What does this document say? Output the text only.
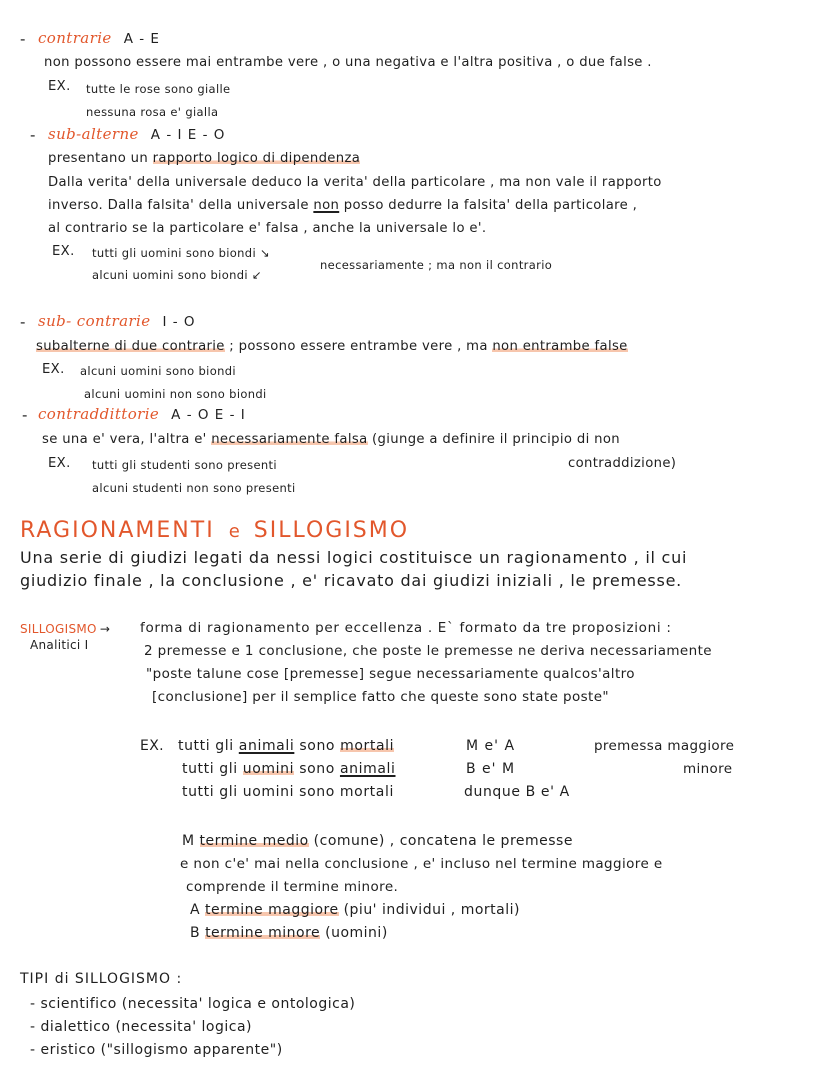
- contrarie A - E
non possono essere mai entrambe vere , o una negativa e l'altra positiva , o due false .
EX. tutte le rose sono gialle
nessuna rosa e' gialla
- sub-alterne A - I E - O
presentano un rapporto logico di dipendenza
Dalla verita' della universale deduco la verita' della particolare , ma non vale il rapporto
inverso. Dalla falsita' della universale non posso dedurre la falsita' della particolare ,
al contrario se la particolare e' falsa , anche la universale lo e'.
EX. tutti gli uomini sono biondi ↘
alcuni uomini sono biondi ↙
necessariamente ; ma non il contrario
- sub- contrarie I - O
subalterne di due contrarie ; possono essere entrambe vere , ma non entrambe false
EX. alcuni uomini sono biondi
alcuni uomini non sono biondi
- contraddittorie A - O E - I
se una e' vera, l'altra e' necessariamente falsa (giunge a definire il principio di non
EX. tutti gli studenti sono presenti	contraddizione)
alcuni studenti non sono presenti
RAGIONAMENTI e SILLOGISMO
Una serie di giudizi legati da nessi logici costituisce un ragionamento , il cui
giudizio finale , la conclusione , e' ricavato dai giudizi iniziali , le premesse.
SILLOGISMO →
Analitici I
forma di ragionamento per eccellenza . E` formato da tre proposizioni :
2 premesse e 1 conclusione, che poste le premesse ne deriva necessariamente
"poste talune cose [premesse] segue necessariamente qualcos'altro
[conclusione] per il semplice fatto che queste sono state poste"
EX. tutti gli animali sono mortali	M e' A	premessa maggiore
tutti gli uomini sono animali	B e' M	minore
tutti gli uomini sono mortali	dunque B e' A
M termine medio (comune) , concatena le premesse
e non c'e' mai nella conclusione , e' incluso nel termine maggiore e
comprende il termine minore.
A termine maggiore (piu' individui , mortali)
B termine minore (uomini)
TIPI di SILLOGISMO :
- scientifico (necessita' logica e ontologica)
- dialettico (necessita' logica)
- eristico ("sillogismo apparente")
